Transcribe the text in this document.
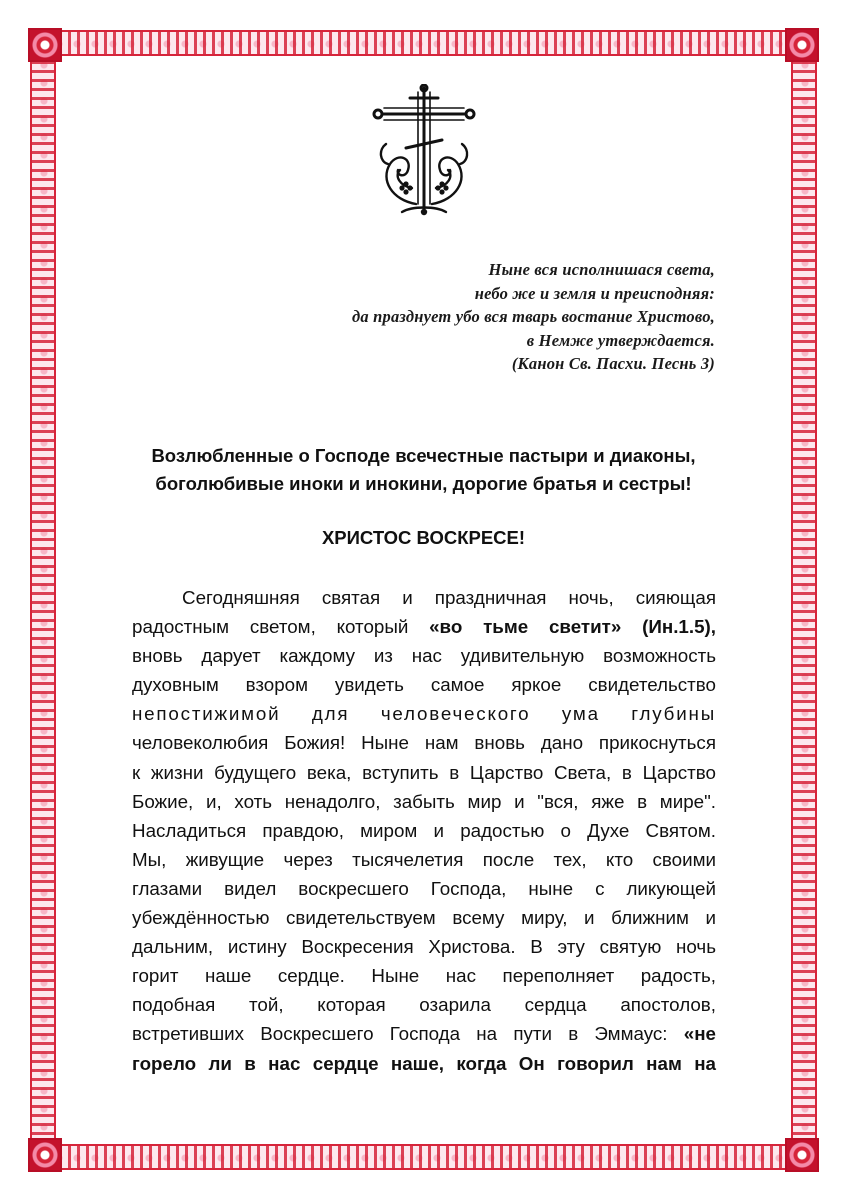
Ныне вся исполнишася света,
небо же и земля и преисподняя:
да празднует убо вся тварь востание Христово,
в Немже утверждается.
(Канон Св. Пасхи. Песнь 3)
Возлюбленные о Господе всечестные пастыри и диаконы,
боголюбивые иноки и инокини, дорогие братья и сестры!
ХРИСТОС ВОСКРЕСЕ!
Сегодняшняя святая и праздничная ночь, сияющая
радостным светом, который «во тьме светит» (Ин.1.5),
вновь дарует каждому из нас удивительную возможность
духовным взором увидеть самое яркое свидетельство
непостижимой для человеческого ума глубины
человеколюбия Божия! Ныне нам вновь дано прикоснуться
к жизни будущего века, вступить в Царство Света, в Царство
Божие, и, хоть ненадолго, забыть мир и "вся, яже в мире".
Насладиться правдою, миром и радостью о Духе Святом.
Мы, живущие через тысячелетия после тех, кто своими
глазами видел воскресшего Господа, ныне с ликующей
убеждённостью свидетельствуем всему миру, и ближним и
дальним, истину Воскресения Христова. В эту святую ночь
горит наше сердце. Ныне нас переполняет радость,
подобная той, которая озарила сердца апостолов,
встретивших Воскресшего Господа на пути в Эммаус: «не
горело ли в нас сердце наше, когда Он говорил нам на
